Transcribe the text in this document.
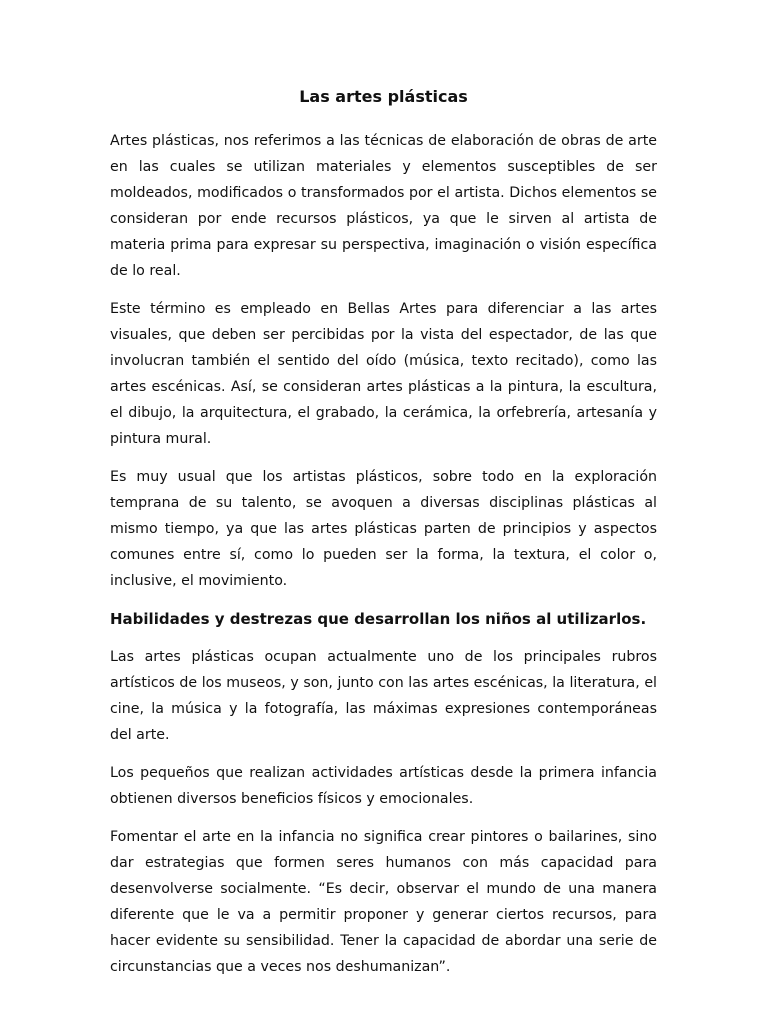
Las artes plásticas

Artes plásticas, nos referimos a las técnicas de elaboración de obras de arte en las cuales se utilizan materiales y elementos susceptibles de ser moldeados, modificados o transformados por el artista. Dichos elementos se consideran por ende recursos plásticos, ya que le sirven al artista de materia prima para expresar su perspectiva, imaginación o visión específica de lo real.

Este término es empleado en Bellas Artes para diferenciar a las artes visuales, que deben ser percibidas por la vista del espectador, de las que involucran también el sentido del oído (música, texto recitado), como las artes escénicas. Así, se consideran artes plásticas a la pintura, la escultura, el dibujo, la arquitectura, el grabado, la cerámica, la orfebrería, artesanía y pintura mural.

Es muy usual que los artistas plásticos, sobre todo en la exploración temprana de su talento, se avoquen a diversas disciplinas plásticas al mismo tiempo, ya que las artes plásticas parten de principios y aspectos comunes entre sí, como lo pueden ser la forma, la textura, el color o, inclusive, el movimiento.

Habilidades y destrezas que desarrollan los niños al utilizarlos.

Las artes plásticas ocupan actualmente uno de los principales rubros artísticos de los museos, y son, junto con las artes escénicas, la literatura, el cine, la música y la fotografía, las máximas expresiones contemporáneas del arte.

Los pequeños que realizan actividades artísticas desde la primera infancia obtienen diversos beneficios físicos y emocionales.

Fomentar el arte en la infancia no significa crear pintores o bailarines, sino dar estrategias que formen seres humanos con más capacidad para desenvolverse socialmente. “Es decir, observar el mundo de una manera diferente que le va a permitir proponer y generar ciertos recursos, para hacer evidente su sensibilidad. Tener la capacidad de abordar una serie de circunstancias que a veces nos deshumanizan”.
